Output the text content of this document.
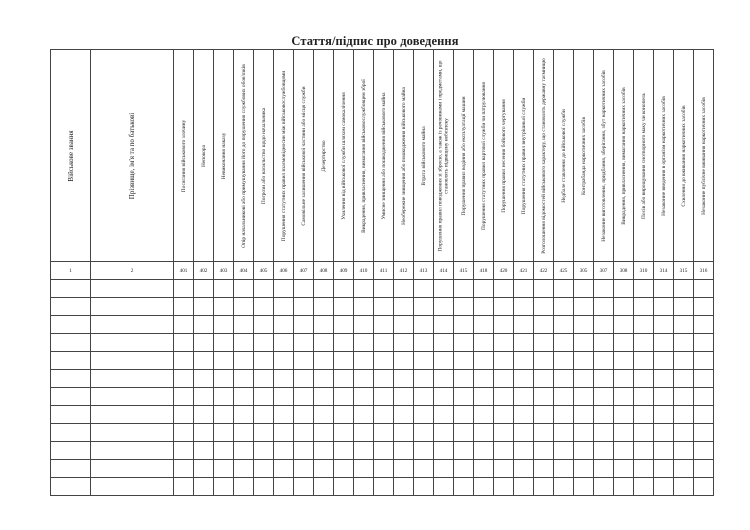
Стаття/підпис про доведення
Військове звання	Прізвище, ім'я та по батькові	Посягання військового злочину	Непокора	Невиконання наказу	Опір начальникові або примушування його до порушення службових обов'язків	Погрози або насильство щодо начальника	Порушення статутних правил взаємовідносин між військовослужбовцями	Самовільне залишення військової частини або місця служби	Дезертирство	Ухилення від військової служби шляхом самокалічення	Викрадення, привласнення, вимагання військовослужбовцем зброї	Умисне знищення або пошкодження військового майна	Необережне знищення або пошкодження військового майна	Втрата військового майна	Порушення правил поводження зі зброєю, а також із речовинами і предметами, що становлять підвищену небезпеку	Порушення правил водіння або експлуатації машин	Порушення статутних правил вартової служби чи патрулювання	Порушення правил несення бойового чергування	Порушення статутних правил внутрішньої служби	Розголошення відомостей військового характеру, що становлять державну таємницю	Недбале ставлення до військової служби	Контрабанда наркотичних засобів	Незаконне виготовлення, придбання, зберігання, збут наркотичних засобів	Викрадення, привласнення, вимагання наркотичних засобів	Посів або вирощування снотворного маку чи конопель	Незаконне введення в організм наркотичних засобів	Схилення до вживання наркотичних засобів	Незаконне публічне вживання наркотичних засобів

1	2	401	402	403	404	405	406	407	408	409	410	411	412	413	414	415	418	420	421	422	425	305	307	308	310	314	315	316
